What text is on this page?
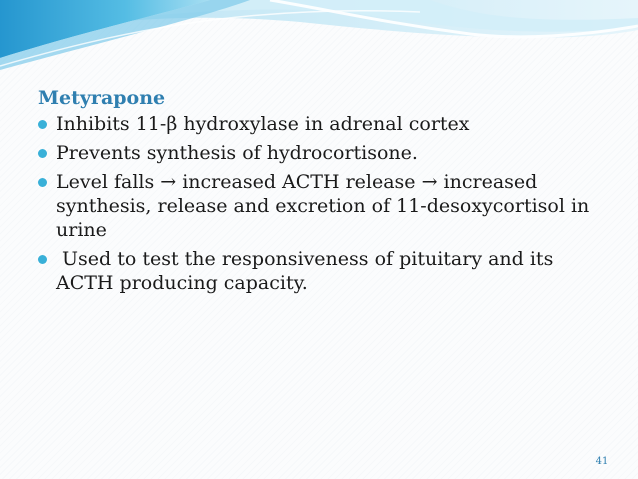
Metyrapone
Inhibits 11-β hydroxylase in adrenal cortex
Prevents synthesis of hydrocortisone.
Level falls → increased ACTH release → increased synthesis, release and excretion of 11-desoxycortisol in urine
Used to test the responsiveness of pituitary and its ACTH producing capacity.
41
